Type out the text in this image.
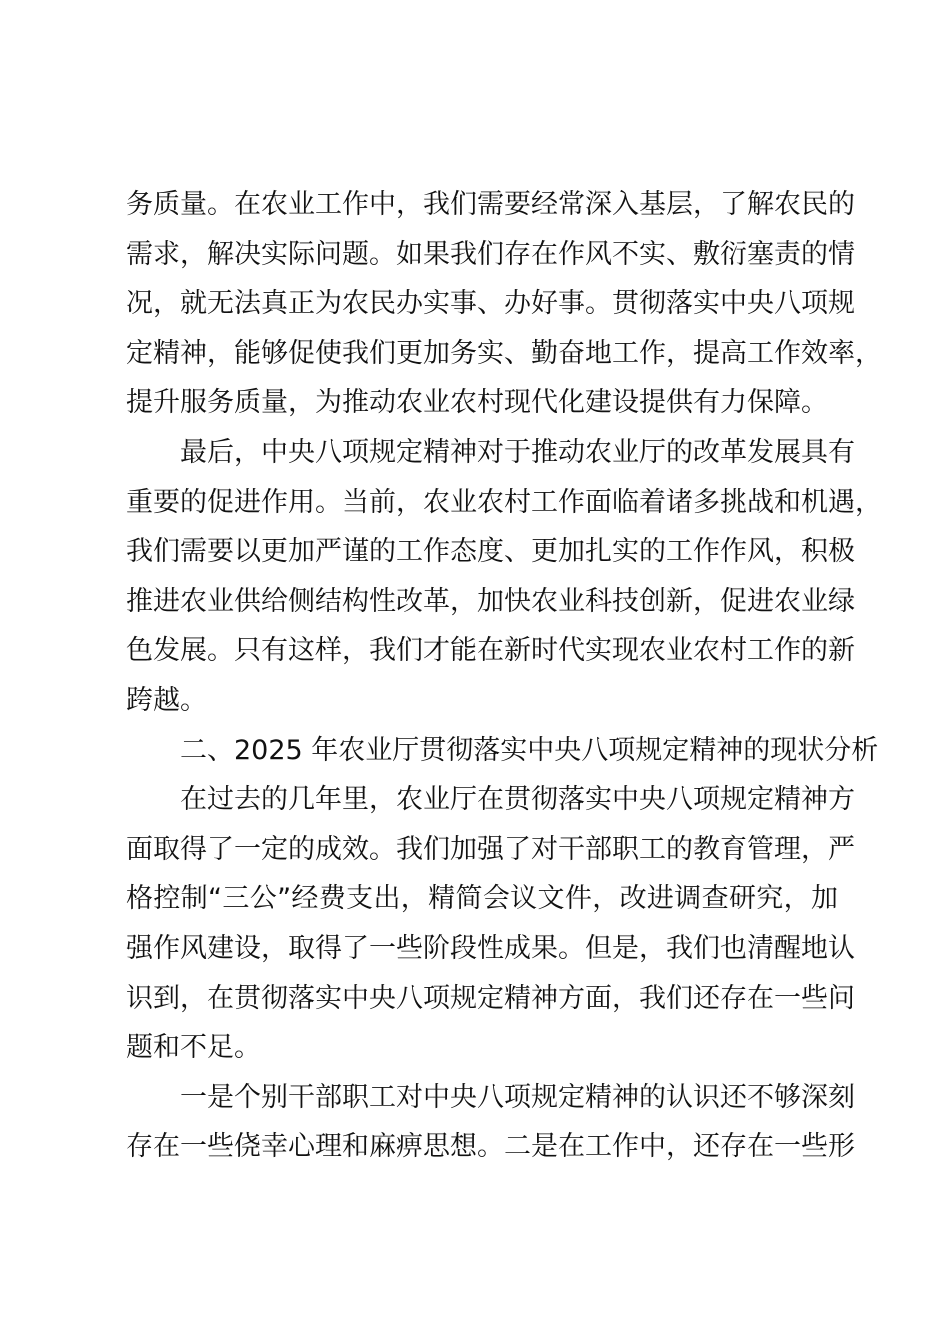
务质量。在农业工作中，我们需要经常深入基层，了解农民的
需求，解决实际问题。如果我们存在作风不实、敷衍塞责的情
况，就无法真正为农民办实事、办好事。贯彻落实中央八项规
定精神，能够促使我们更加务实、勤奋地工作，提高工作效率，
提升服务质量，为推动农业农村现代化建设提供有力保障。
最后，中央八项规定精神对于推动农业厅的改革发展具有
重要的促进作用。当前，农业农村工作面临着诸多挑战和机遇，
我们需要以更加严谨的工作态度、更加扎实的工作作风，积极
推进农业供给侧结构性改革，加快农业科技创新，促进农业绿
色发展。只有这样，我们才能在新时代实现农业农村工作的新
跨越。
二、2025 年农业厅贯彻落实中央八项规定精神的现状分析
在过去的几年里，农业厅在贯彻落实中央八项规定精神方
面取得了一定的成效。我们加强了对干部职工的教育管理，严
格控制“三公”经费支出，精简会议文件，改进调查研究，加
强作风建设，取得了一些阶段性成果。但是，我们也清醒地认
识到，在贯彻落实中央八项规定精神方面，我们还存在一些问
题和不足。
一是个别干部职工对中央八项规定精神的认识还不够深刻
存在一些侥幸心理和麻痹思想。二是在工作中，还存在一些形
